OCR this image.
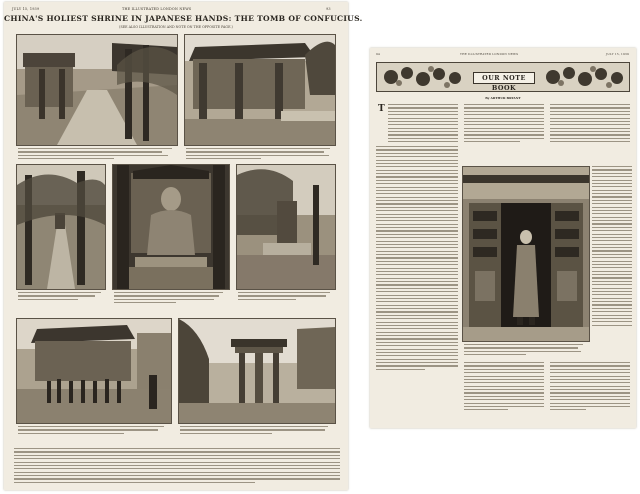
JULY 15, 1939	THE ILLUSTRATED LONDON NEWS	93
CHINA'S HOLIEST SHRINE IN JAPANESE HANDS: THE TOMB OF CONFUCIUS.
(SEE ALSO ILLUSTRATION AND NOTE ON THE OPPOSITE PAGE.)
94	THE ILLUSTRATED LONDON NEWS	JULY 15, 1939
OUR NOTE BOOK
By ARTHUR BRYANT
T
